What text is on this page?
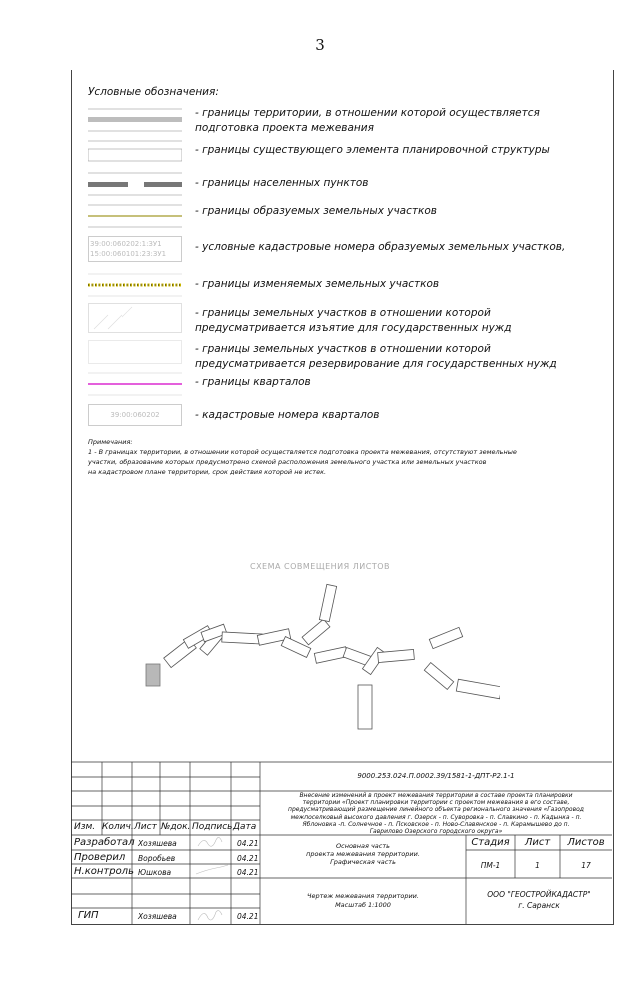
3
Условные обозначения:
- границы территории, в отношении которой осуществляется
подготовка проекта межевания
- границы существующего элемента планировочной структуры
- границы населенных пунктов
- границы образуемых земельных участков
39:00:060202:1:ЗУ1
15:00:060101:23:ЗУ1
- условные кадастровые номера образуемых земельных участков,
- границы изменяемых земельных участков
- границы земельных участков в отношении которой
предусматривается изъятие для государственных нужд
- границы земельных участков в отношении которой
предусматривается резервирование для государственных нужд
- границы кварталов
39:00:060202	- кадастровые номера кварталов
Примечания:
1 - В границах территории, в отношении которой осуществляется подготовка проекта межевания, отсутствуют земельные
участки, образование которых предусмотрено схемой расположения земельного участка или земельных участков
на кадастровом плане территории, срок действия которой не истек.
СХЕМА СОВМЕЩЕНИЯ ЛИСТОВ
9000.253.024.П.0002.39/1581-1-ДПТ-Р2.1-1
Внесение изменений в проект межевания территории в составе проекта планировки
территории «Проект планировки территории с проектом межевания в его составе,
предусматривающий размещение линейного объекта регионального значения «Газопровод
межпоселковый высокого давления г. Озерск - п. Суворовка - п. Славкино - п. Кадынка - п.
Яблоновка -п. Солнечное - п. Псковское - п. Ново-Славянское - п. Карамышево до п.
Гаврилово Озерского городского округа»
Изм. Колич. Лист №док. Подпись Дата
Разработал Хозяшева	04.21
Проверил Воробьев	04.21
Н.контроль Юшкова	04.21
ГИП	Хозяшева	04.21
Основная часть
проекта межевания территории.
Графическая часть
Стадия	Лист	Листов
ПМ-1	1	17
Чертеж межевания территории.
Масштаб 1:1000
ООО "ГЕОСТРОЙКАДАСТР"
г. Саранск
